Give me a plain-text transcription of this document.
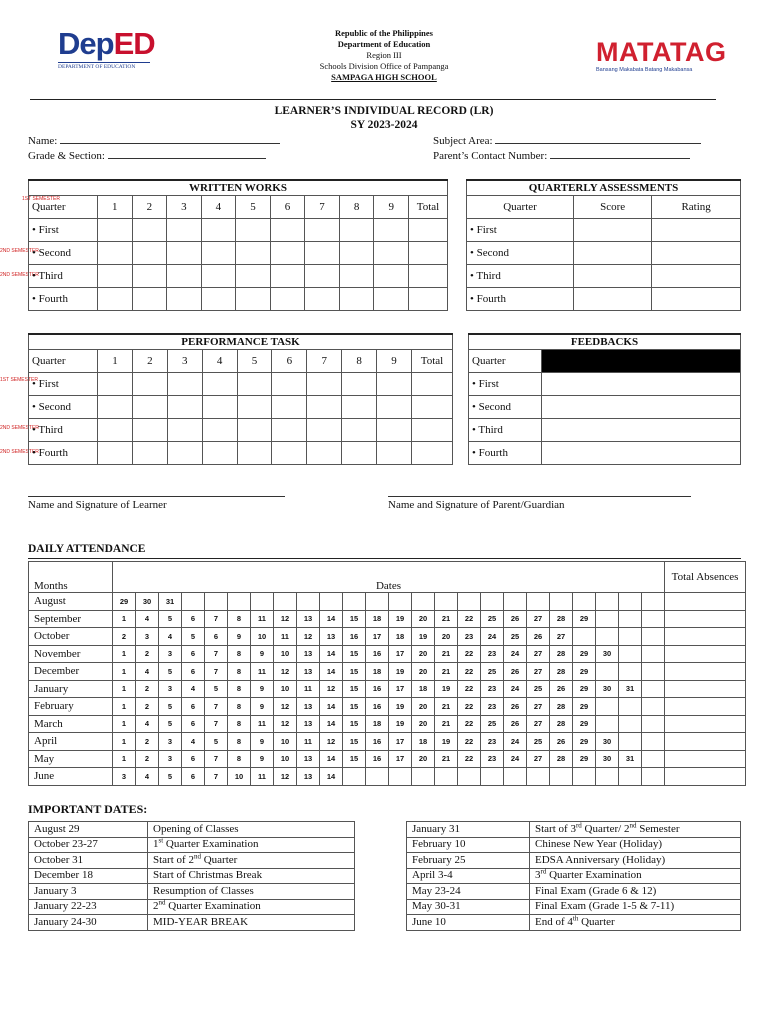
DepED
DEPARTMENT OF EDUCATION	MATATAG
Bansang Makabata Batang Makabansa
Republic of the Philippines
Department of Education
Region III
Schools Division Office of Pampanga
SAMPAGA HIGH SCHOOL
LEARNER’S INDIVIDUAL RECORD (LR)
SY 2023-2024
Name:
Grade & Section:
Subject Area:
Parent’s Contact Number:
1ST SEMESTER
2ND SEMESTER
2ND SEMESTER
1ST SEMESTER
2ND SEMESTER
2ND SEMESTER
WRITTEN WORKS										
Quarter	1	2	3	4	5	6	7	8	9	Total
• First										
• Second										
• Third										
• Fourth										
QUARTERLY ASSESSMENTS		
Quarter	Score	Rating
• First		
• Second		
• Third		
• Fourth		
PERFORMANCE TASK										
Quarter	1	2	3	4	5	6	7	8	9	Total
• First										
• Second										
• Third										
• Fourth										
FEEDBACKS	
Quarter	
• First	
• Second	
• Third	
• Fourth	
Name and Signature of Learner	Name and Signature of Parent/Guardian
DAILY ATTENDANCE
Months	Dates																								Total Absences
August	29	30	31																						
September	1	4	5	6	7	8	11	12	13	14	15	18	19	20	21	22	25	26	27	28	29				
October	2	3	4	5	6	9	10	11	12	13	16	17	18	19	20	23	24	25	26	27					
November	1	2	3	6	7	8	9	10	13	14	15	16	17	20	21	22	23	24	27	28	29	30			
December	1	4	5	6	7	8	11	12	13	14	15	18	19	20	21	22	25	26	27	28	29				
January	1	2	3	4	5	8	9	10	11	12	15	16	17	18	19	22	23	24	25	26	29	30	31		
February	1	2	5	6	7	8	9	12	13	14	15	16	19	20	21	22	23	26	27	28	29				
March	1	4	5	6	7	8	11	12	13	14	15	18	19	20	21	22	25	26	27	28	29				
April	1	2	3	4	5	8	9	10	11	12	15	16	17	18	19	22	23	24	25	26	29	30			
May	1	2	3	6	7	8	9	10	13	14	15	16	17	20	21	22	23	24	27	28	29	30	31		
June	3	4	5	6	7	10	11	12	13	14															
IMPORTANT DATES:
August 29	Opening of Classes
October 23-27	1st Quarter Examination
October 31	Start of 2nd Quarter
December 18	Start of Christmas Break
January 3	Resumption of Classes
January 22-23	2nd Quarter Examination
January 24-30	MID-YEAR BREAK
January 31	Start of 3rd Quarter/ 2nd Semester
February 10	Chinese New Year (Holiday)
February 25	EDSA Anniversary (Holiday)
April 3-4	3rd Quarter Examination
May 23-24	Final Exam (Grade 6 & 12)
May 30-31	Final Exam (Grade 1-5 & 7-11)
June 10	End of 4th Quarter
